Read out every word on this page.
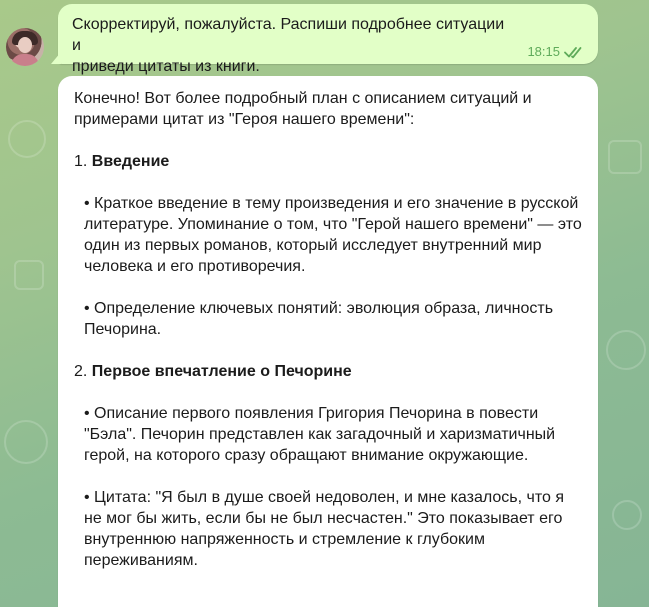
Скорректируй, пожалуйста. Распиши подробнее ситуации и
приведи цитаты из книги.
18:15

Конечно! Вот более подробный план с описанием ситуаций и примерами цитат из "Героя нашего времени":

1. Введение

• Краткое введение в тему произведения и его значение в русской литературе. Упоминание о том, что "Герой нашего времени" — это один из первых романов, который исследует внутренний мир человека и его противоречия.

• Определение ключевых понятий: эволюция образа, личность Печорина.

2. Первое впечатление о Печорине

• Описание первого появления Григория Печорина в повести "Бэла". Печорин представлен как загадочный и харизматичный герой, на которого сразу обращают внимание окружающие.

• Цитата: "Я был в душе своей недоволен, и мне казалось, что я не мог бы жить, если бы не был несчастен." Это показывает его внутреннюю напряженность и стремление к глубоким переживаниям.
